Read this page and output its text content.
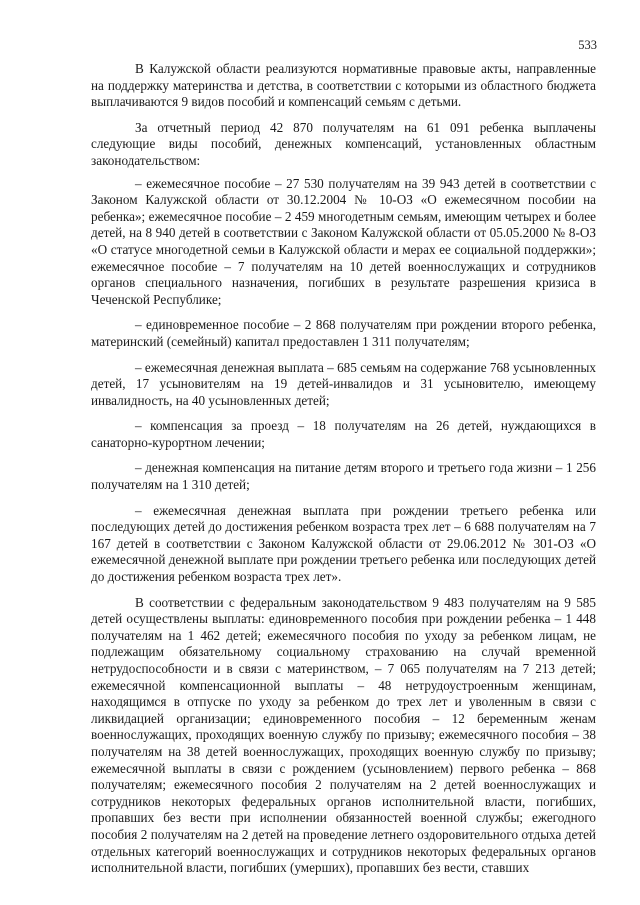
533

В Калужской области реализуются нормативные правовые акты, направленные на поддержку материнства и детства, в соответствии с которыми из областного бюджета выплачиваются 9 видов пособий и компенсаций семьям с детьми.

За отчетный период 42 870 получателям на 61 091 ребенка выплачены следующие виды пособий, денежных компенсаций, установленных областным законодательством:

– ежемесячное пособие – 27 530 получателям на 39 943 детей в соответствии с Законом Калужской области от 30.12.2004 № 10-ОЗ «О ежемесячном пособии на ребенка»; ежемесячное пособие – 2 459 многодетным семьям, имеющим четырех и более детей, на 8 940 детей в соответствии с Законом Калужской области от 05.05.2000 № 8-ОЗ «О статусе многодетной семьи в Калужской области и мерах ее социальной поддержки»; ежемесячное пособие – 7 получателям на 10 детей военнослужащих и сотрудников органов специального назначения, погибших в результате разрешения кризиса в Чеченской Республике;

– единовременное пособие – 2 868 получателям при рождении второго ребенка, материнский (семейный) капитал предоставлен 1 311 получателям;

– ежемесячная денежная выплата – 685 семьям на содержание 768 усыновленных детей, 17 усыновителям на 19 детей-инвалидов и 31 усыновителю, имеющему инвалидность, на 40 усыновленных детей;

– компенсация за проезд – 18 получателям на 26 детей, нуждающихся в санаторно-курортном лечении;

– денежная компенсация на питание детям второго и третьего года жизни – 1 256 получателям на 1 310 детей;

– ежемесячная денежная выплата при рождении третьего ребенка или последующих детей до достижения ребенком возраста трех лет – 6 688 получателям на 7 167 детей в соответствии с Законом Калужской области от 29.06.2012 № 301-ОЗ «О ежемесячной денежной выплате при рождении третьего ребенка или последующих детей до достижения ребенком возраста трех лет».

В соответствии с федеральным законодательством 9 483 получателям на 9 585 детей осуществлены выплаты: единовременного пособия при рождении ребенка – 1 448 получателям на 1 462 детей; ежемесячного пособия по уходу за ребенком лицам, не подлежащим обязательному социальному страхованию на случай временной нетрудоспособности и в связи с материнством, – 7 065 получателям на 7 213 детей; ежемесячной компенсационной выплаты – 48 нетрудоустроенным женщинам, находящимся в отпуске по уходу за ребенком до трех лет и уволенным в связи с ликвидацией организации; единовременного пособия – 12 беременным женам военнослужащих, проходящих военную службу по призыву; ежемесячного пособия – 38 получателям на 38 детей военнослужащих, проходящих военную службу по призыву; ежемесячной выплаты в связи с рождением (усыновлением) первого ребенка – 868 получателям; ежемесячного пособия 2 получателям на 2 детей военнослужащих и сотрудников некоторых федеральных органов исполнительной власти, погибших, пропавших без вести при исполнении обязанностей военной службы; ежегодного пособия 2 получателям на 2 детей на проведение летнего оздоровительного отдыха детей отдельных категорий военнослужащих и сотрудников некоторых федеральных органов исполнительной власти, погибших (умерших), пропавших без вести, ставших
